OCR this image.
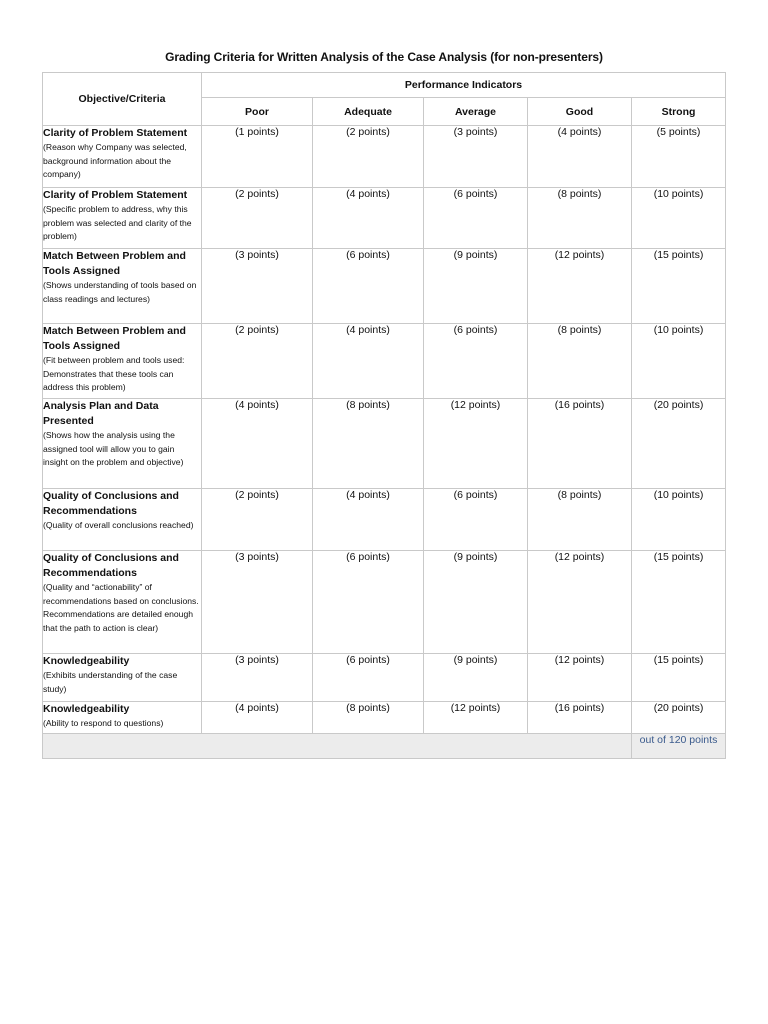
Grading Criteria for Written Analysis of the Case Analysis (for non-presenters)
Objective/Criteria	Performance Indicators				
	Poor	Adequate	Average	Good	Strong

Clarity of Problem Statement
(Reason why Company was selected, background information about the company)	(1 points)	(2 points)	(3 points)	(4 points)	(5 points)

Clarity of Problem Statement
(Specific problem to address, why this problem was selected and clarity of the problem)	(2 points)	(4 points)	(6 points)	(8 points)	(10 points)

Match Between Problem and Tools Assigned
(Shows understanding of tools based on class readings and lectures)	(3 points)	(6 points)	(9 points)	(12 points)	(15 points)

Match Between Problem and Tools Assigned
(Fit between problem and tools used: Demonstrates that these tools can address this problem)	(2 points)	(4 points)	(6 points)	(8 points)	(10 points)

Analysis Plan and Data Presented
(Shows how the analysis using the assigned tool will allow you to gain insight on the problem and objective)	(4 points)	(8 points)	(12 points)	(16 points)	(20 points)

Quality of Conclusions and Recommendations
(Quality of overall conclusions reached)	(2 points)	(4 points)	(6 points)	(8 points)	(10 points)

Quality of Conclusions and Recommendations
(Quality and “actionability” of recommendations based on conclusions. Recommendations are detailed enough that the path to action is clear)	(3 points)	(6 points)	(9 points)	(12 points)	(15 points)

Knowledgeability
(Exhibits understanding of the case study)	(3 points)	(6 points)	(9 points)	(12 points)	(15 points)

Knowledgeability
(Ability to respond to questions)	(4 points)	(8 points)	(12 points)	(16 points)	(20 points)
					out of 120 points
